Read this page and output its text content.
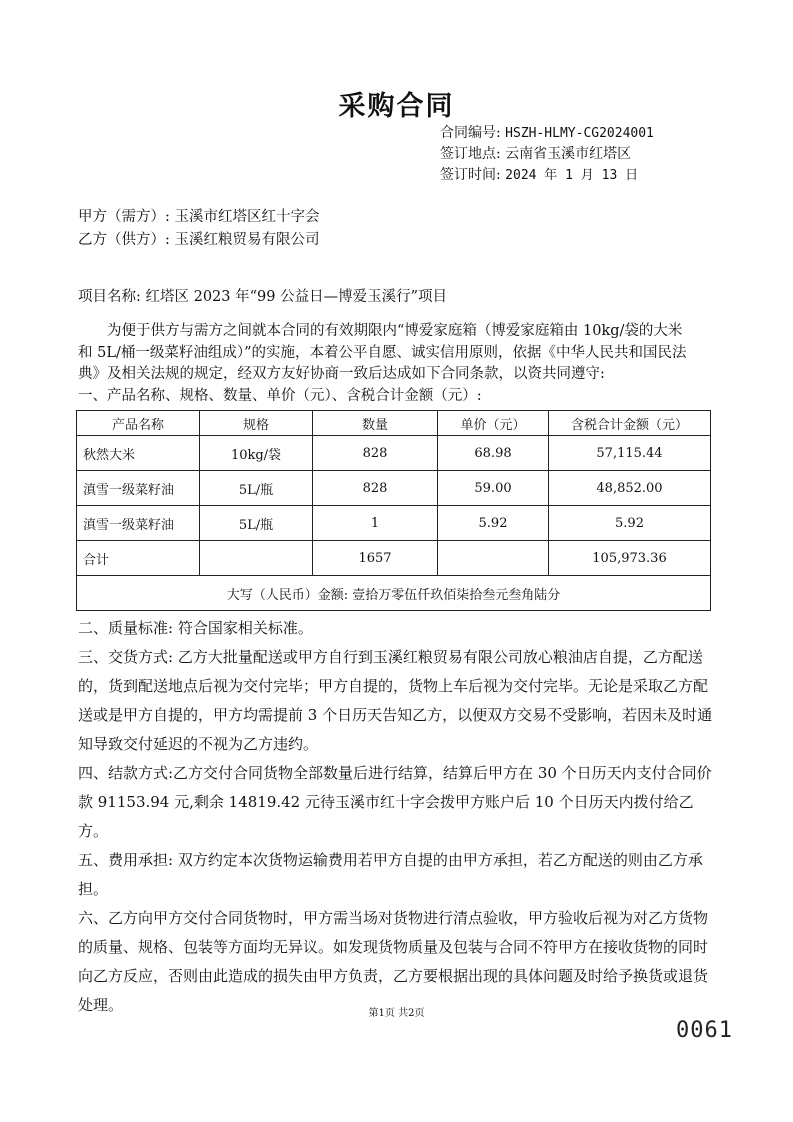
采购合同
合同编号: HSZH-HLMY-CG2024001
签订地点: 云南省玉溪市红塔区
签订时间: 2024 年 1 月 13 日
甲方（需方）: 玉溪市红塔区红十字会
乙方（供方）: 玉溪红粮贸易有限公司
项目名称: 红塔区 2023 年“99 公益日—博爱玉溪行”项目

为便于供方与需方之间就本合同的有效期限内“博爱家庭箱（博爱家庭箱由 10kg/袋的大米和 5L/桶一级菜籽油组成）”的实施，本着公平自愿、诚实信用原则，依据《中华人民共和国民法典》及相关法规的规定，经双方友好协商一致后达成如下合同条款，以资共同遵守:

一、产品名称、规格、数量、单价（元）、含税合计金额（元）:

产品名称	规格	数量	单价（元）	含税合计金额（元）
秋然大米	10kg/袋	828	68.98	57,115.44
滇雪一级菜籽油	5L/瓶	828	59.00	48,852.00
滇雪一级菜籽油	5L/瓶	1	5.92	5.92
合计		1657		105,973.36
大写（人民币）金额: 壹拾万零伍仟玖佰柒拾叁元叁角陆分				

二、质量标准: 符合国家相关标准。

三、交货方式: 乙方大批量配送或甲方自行到玉溪红粮贸易有限公司放心粮油店自提，乙方配送的，货到配送地点后视为交付完毕；甲方自提的，货物上车后视为交付完毕。无论是采取乙方配送或是甲方自提的，甲方均需提前 3 个日历天告知乙方，以便双方交易不受影响，若因未及时通知导致交付延迟的不视为乙方违约。

四、结款方式:乙方交付合同货物全部数量后进行结算，结算后甲方在 30 个日历天内支付合同价款 91153.94 元,剩余 14819.42 元待玉溪市红十字会拨甲方账户后 10 个日历天内拨付给乙方。

五、费用承担: 双方约定本次货物运输费用若甲方自提的由甲方承担，若乙方配送的则由乙方承担。

六、乙方向甲方交付合同货物时，甲方需当场对货物进行清点验收，甲方验收后视为对乙方货物的质量、规格、包装等方面均无异议。如发现货物质量及包装与合同不符甲方在接收货物的同时向乙方反应，否则由此造成的损失由甲方负责，乙方要根据出现的具体问题及时给予换货或退货处理。	第1页 共2页
0061
